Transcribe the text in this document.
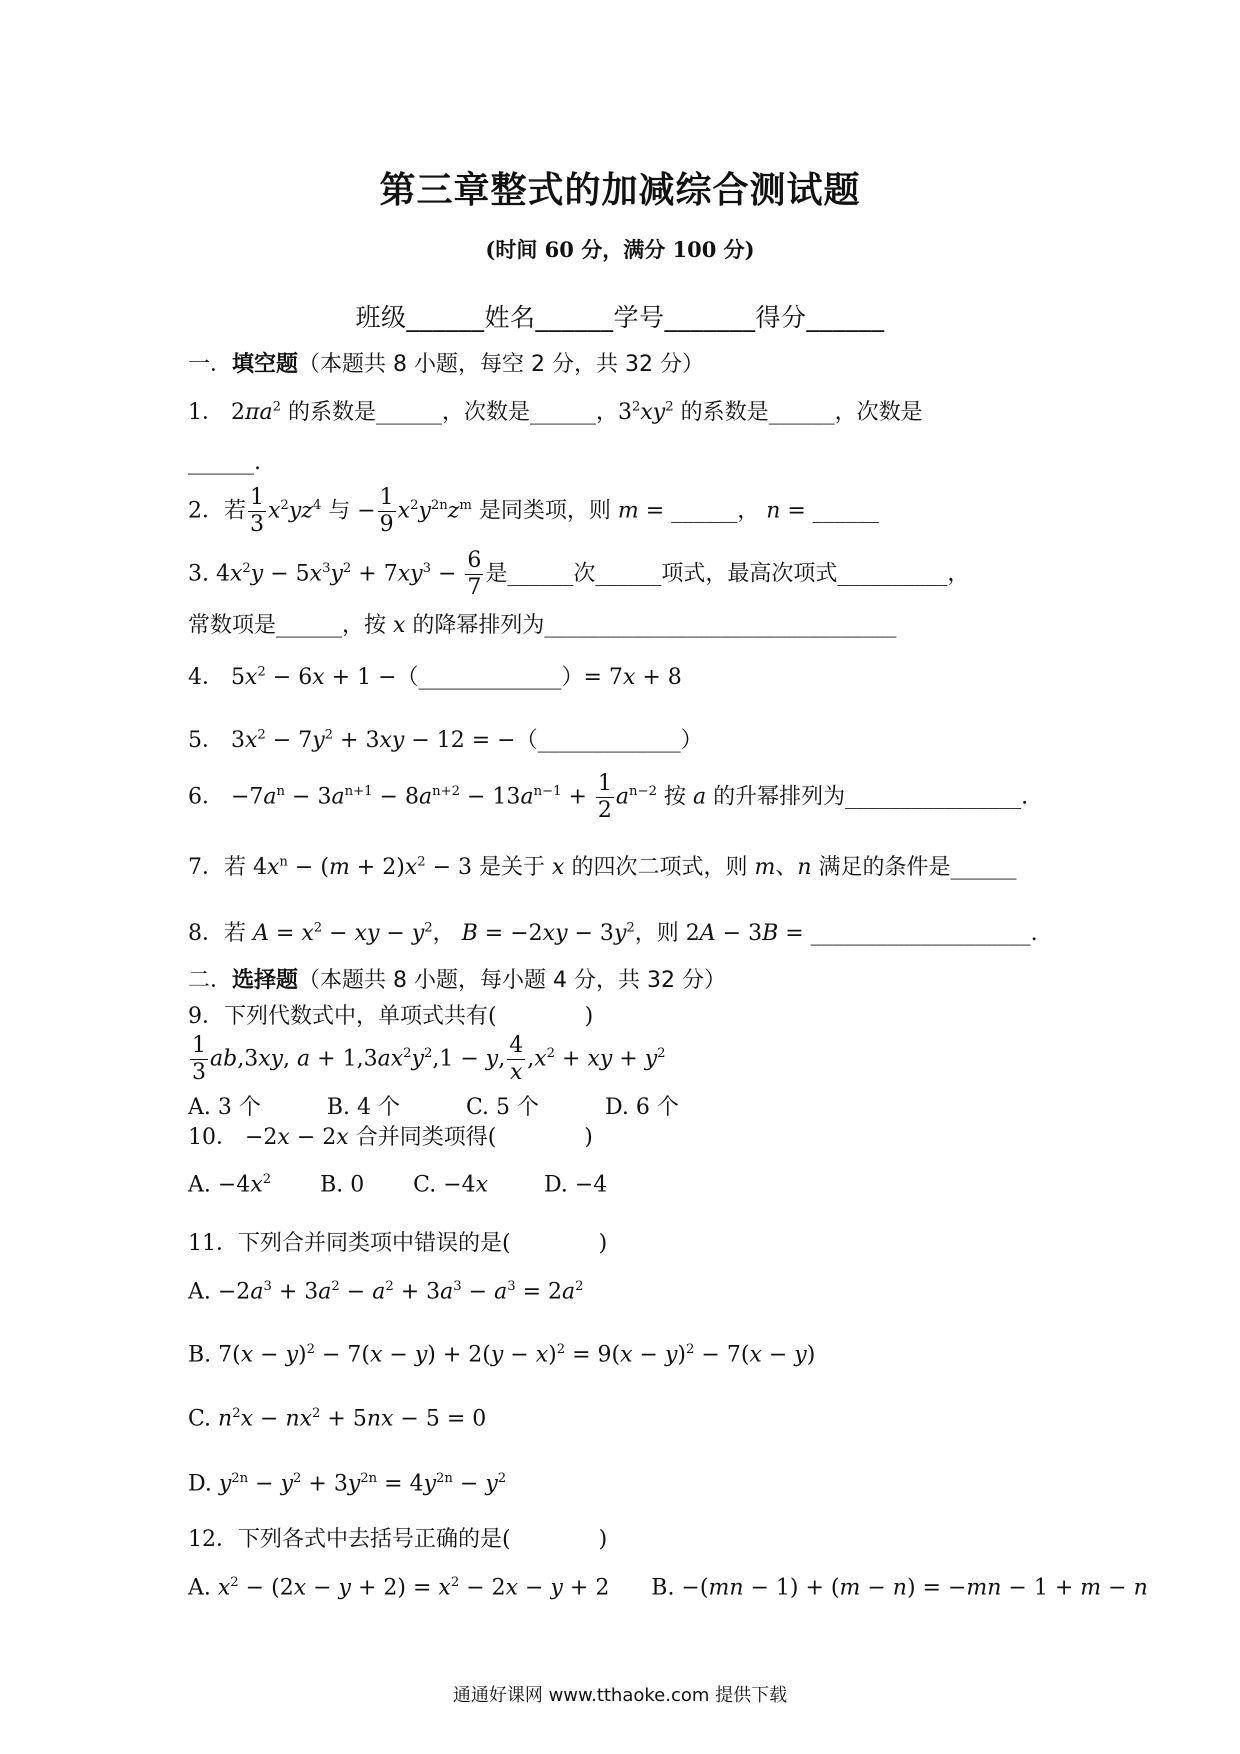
第三章整式的加减综合测试题
(时间 60 分，满分 100 分)
班级______姓名______学号_______得分______
一．填空题（本题共 8 小题，每空 2 分，共 32 分）
1． $2\pi a^2$ 的系数是______，次数是______，$3^2xy^2$ 的系数是______，次数是
______.
2．若 $\frac{1}{3} x^2yz^4$ 与 − $\frac{1}{9} x^2y^{2n}z^m$ 是同类项，则 m = ______， n = ______
3. $4x^2y - 5x^3y^2 + 7xy^3 - \frac{6}{7}$ 是______次______项式，最高次项式__________，
常数项是______，按 x 的降幂排列为________________________________
4． $5x^2 - 6x + 1$ −（_____________）= 7x + 8
5． $3x^2 - 7y^2 + 3xy - 12$ = −（_____________）
6． $-7a^n - 3a^{n+1} - 8a^{n+2} - 13a^{n-1} + \frac{1}{2} a^{n-2}$ 按 a 的升幂排列为________________.
7．若 $4x^n - (m + 2)x^2 - 3$ 是关于 x 的四次二项式，则 m、n 满足的条件是______
8．若 $A = x^2$ − xy − $y^2$， $B = -2xy - 3y^2$，则 2A − 3B = ____________________.
二．选择题（本题共 8 小题，每小题 4 分，共 32 分）
9．下列代数式中，单项式共有(　　　　)
$\frac{1}{3} ab,3xy$, $a + 1,3ax^2y^2,1 - y$, $\frac{4}{x} ,x^2$ + xy + $y^2$
A. 3 个　　　B. 4 个　　　C. 5 个　　　D. 6 个
10． −2x − 2x 合并同类项得(　　　　)
A. $-4x^2$       B. 0       C. −4x        D. −4
11．下列合并同类项中错误的是(　　　　)
A. $-2a^3 + 3a^2 - a^2 + 3a^3 - a^3 = 2a^2$
B. $7(x - y)^2 - 7(x - y) + 2(y - x)^2 = 9(x - y)^2 - 7(x - y)$
C. $n^2x - nx^2 + 5nx - 5 = 0$
D. $y^{2n} - y^2 + 3y^{2n} = 4y^{2n} - y^2$
12．下列各式中去括号正确的是(　　　　)
A. $x^2 - (2x - y + 2) = x^2 - 2x - y + 2$      B. −(mn − 1) + (m − n) = −mn − 1 + m − n
通通好课网 www.tthaoke.com 提供下载
